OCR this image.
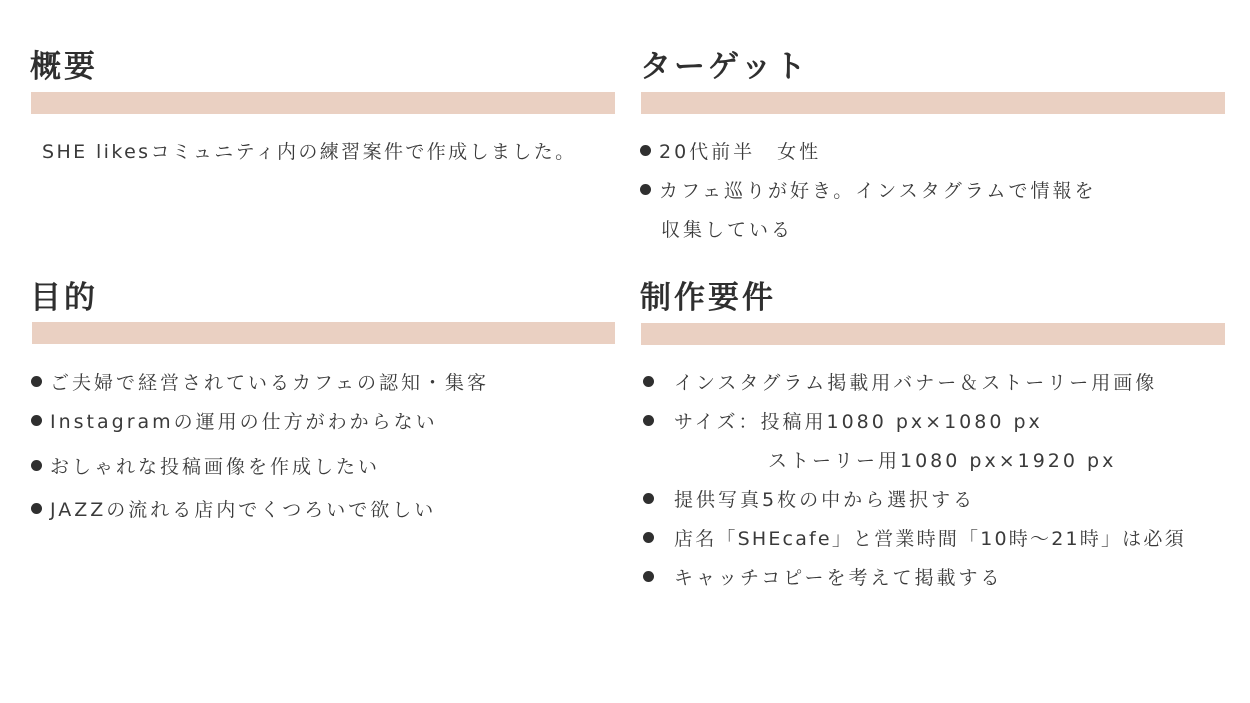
概要
SHE likesコミュニティ内の練習案件で作成しました。
ターゲット
20代前半　女性
カフェ巡りが好き。インスタグラムで情報を
収集している
目的
ご夫婦で経営されているカフェの認知・集客
Instagramの運用の仕方がわからない
おしゃれな投稿画像を作成したい
JAZZの流れる店内でくつろいで欲しい
制作要件
インスタグラム掲載用バナー＆ストーリー用画像
サイズ：投稿用1080 px×1080 px
ストーリー用1080 px×1920 px
提供写真5枚の中から選択する
店名「SHEcafe」と営業時間「10時〜21時」は必須
キャッチコピーを考えて掲載する
